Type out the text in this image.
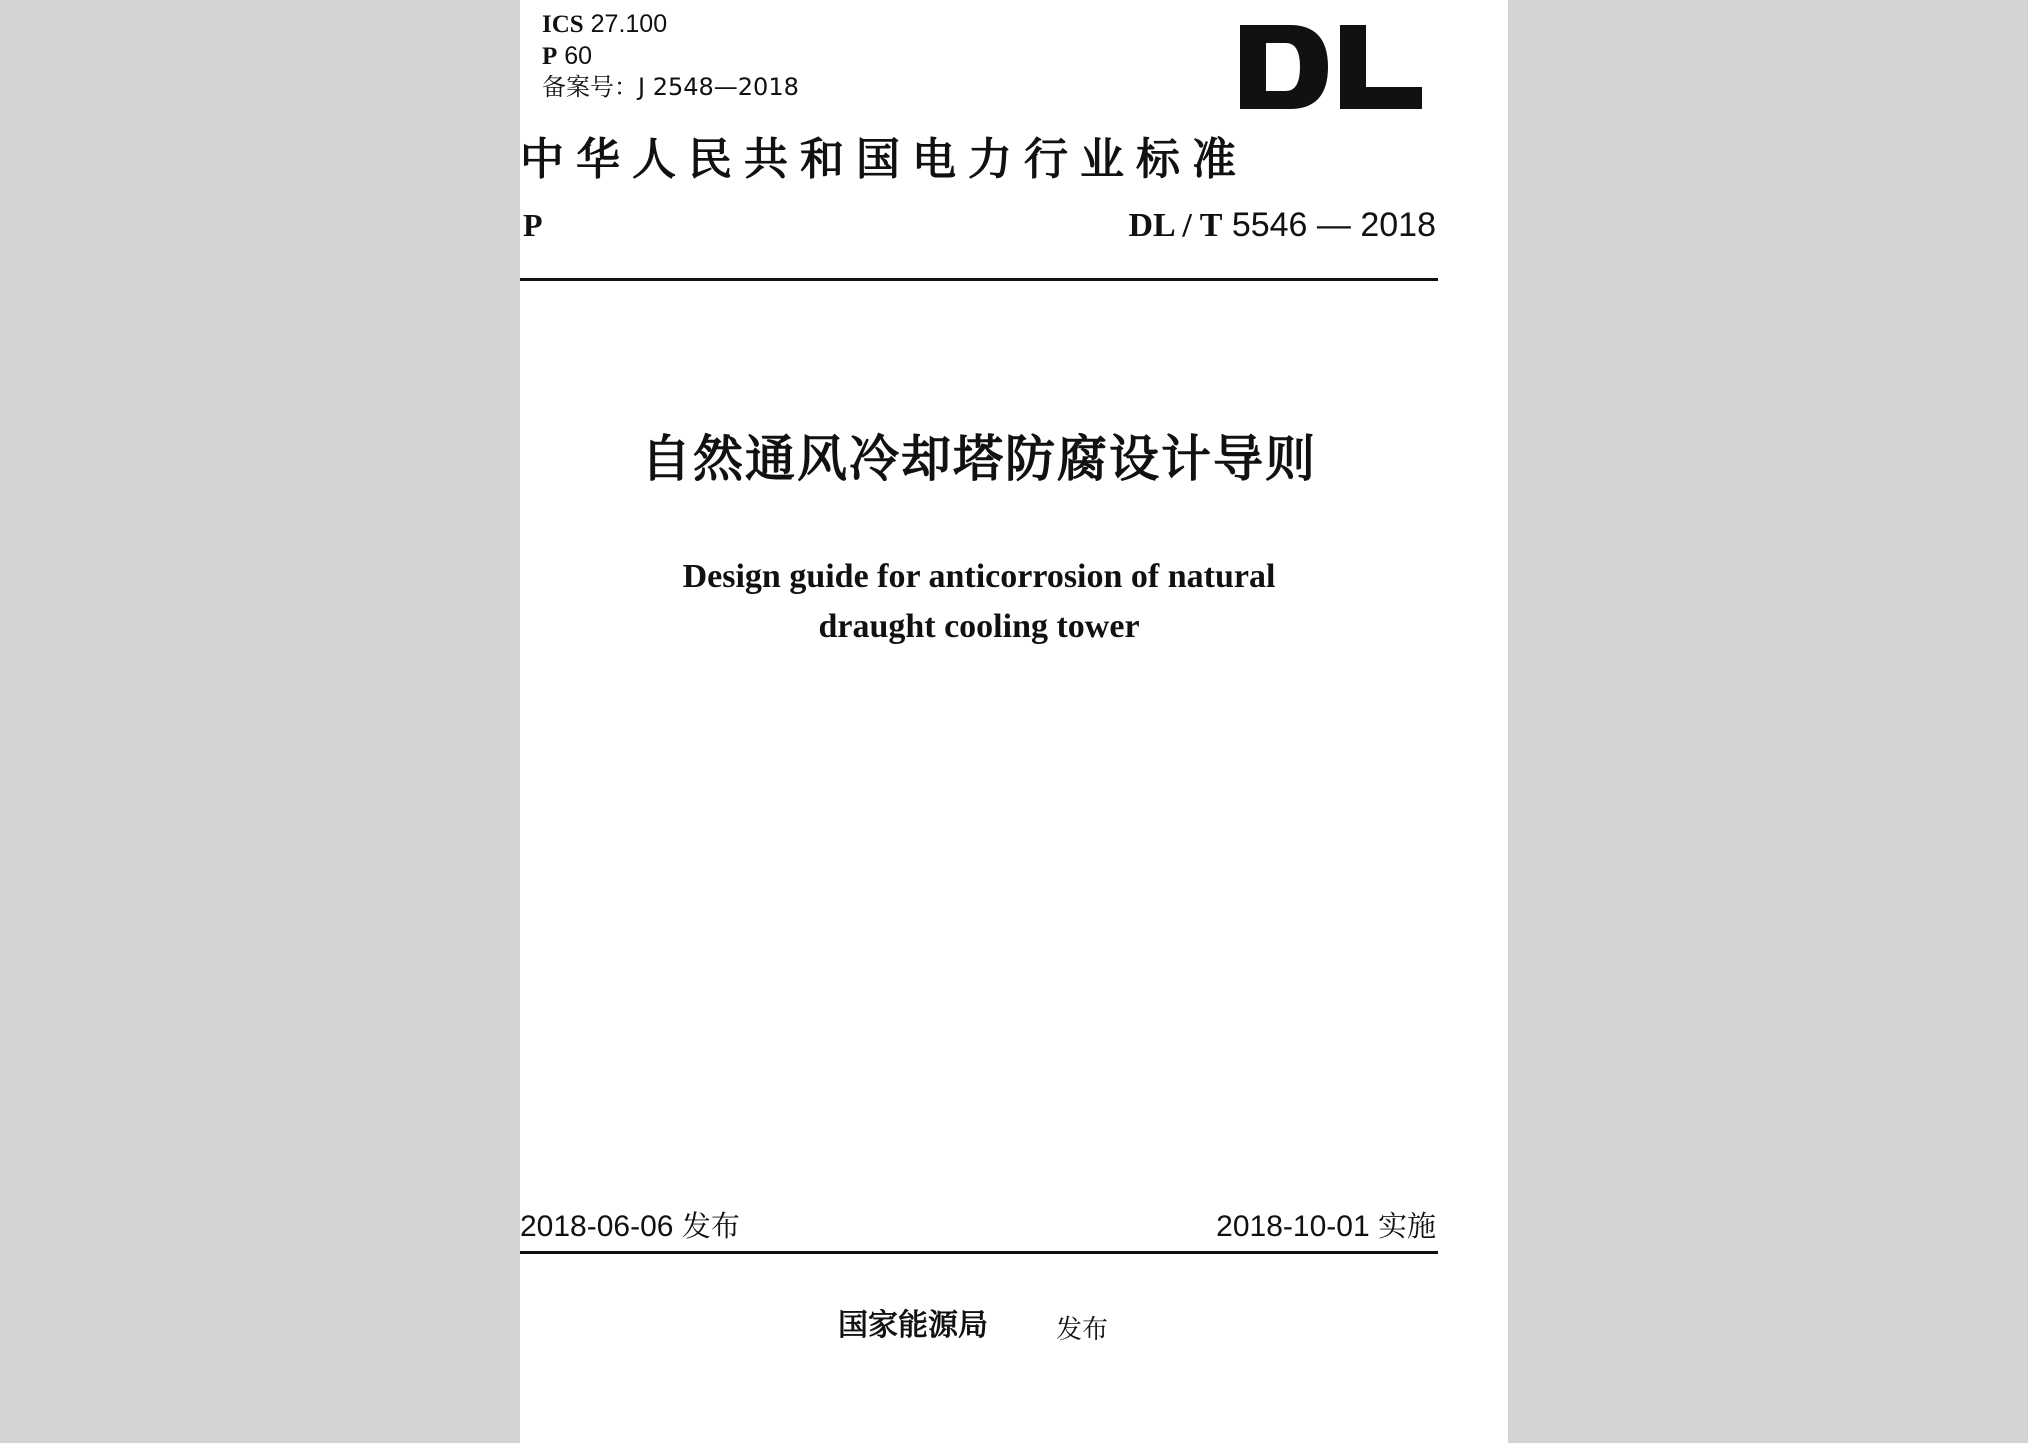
ICS 27.100
P 60
备案号：J 2548—2018
中华人民共和国电力行业标准
P	DL / T 5546 — 2018
自然通风冷却塔防腐设计导则
Design guide for anticorrosion of natural
draught cooling tower
2018-06-06 发布	2018-10-01 实施
国家能源局	发布
